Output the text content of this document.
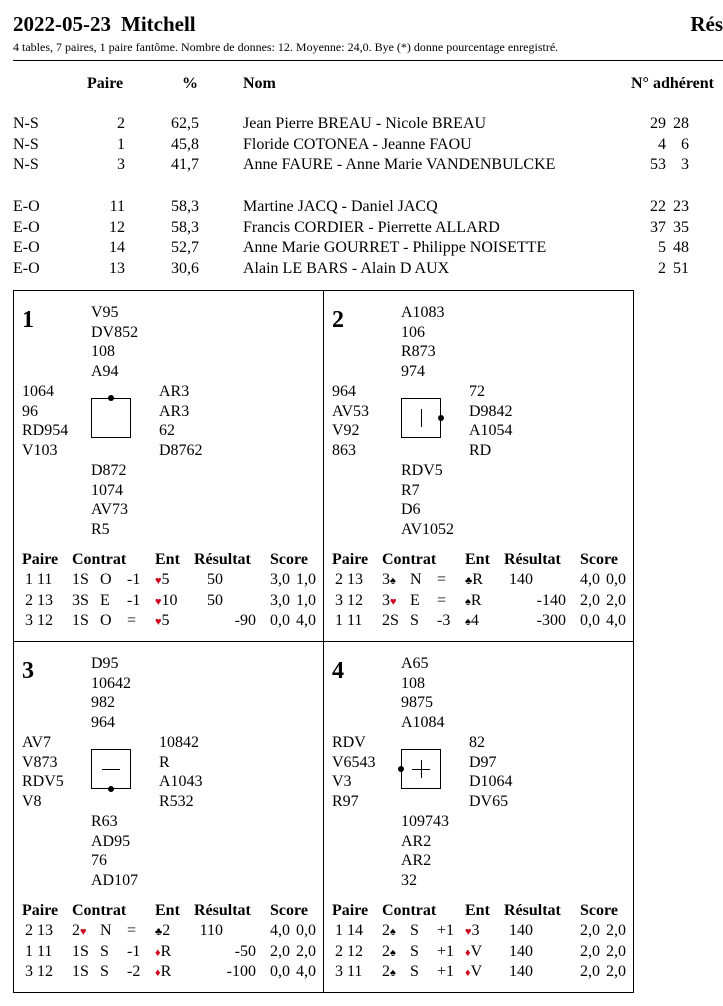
2022-05-23 Mitchell	Rés
4 tables, 7 paires, 1 paire fantôme. Nombre de donnes: 12. Moyenne: 24,0. Bye (*) donne pourcentage enregistré.
Paire	%	Nom	N° adhérent
N-S	2	62,5	Jean Pierre BREAU - Nicole BREAU	29 28
N-S	1	45,8	Floride COTONEA - Jeanne FAOU	4 6
N-S	3	41,7	Anne FAURE - Anne Marie VANDENBULCKE	53 3
E-O	11	58,3	Martine JACQ - Daniel JACQ	22 23
E-O	12	58,3	Francis CORDIER - Pierrette ALLARD	37 35
E-O	14	52,7	Anne Marie GOURRET - Philippe NOISETTE	5 48
E-O	13	30,6	Alain LE BARS - Alain D AUX	2 51
1	V95
DV852
108
A94
1064
96
RD954
V103
AR3
AR3
62
D8762
D872
1074
AV73
R5
Paire Contrat Ent Résultat Score
1 11 1S O -1 ♥5 50	3,0 1,0
2 13 3S E -1 ♥10 50	3,0 1,0
3 12 1S O = ♥5	-90 0,0 4,0
2	A1083
106
R873
974
964
AV53
V92
863
72
D9842
A1054
RD
RDV5
R7
D6
AV1052
Paire Contrat Ent Résultat Score
2 13 3♠ N = ♣R 140	4,0 0,0
3 12 3♥ E = ♠R	-140 2,0 2,0
1 11 2S S -3 ♠4	-300 0,0 4,0
3	D95
10642
982
964
AV7
V873
RDV5
V8
10842
R
A1043
R532
R63
AD95
76
AD107
Paire Contrat Ent Résultat Score
2 13 2♥ N = ♣2 110	4,0 0,0
1 11 1S S -1 ♦R	-50 2,0 2,0
3 12 1S S -2 ♦R	-100 0,0 4,0
4	A65
108
9875
A1084
RDV
V6543
V3
R97
82
D97
D1064
DV65
109743
AR2
AR2
32
Paire Contrat Ent Résultat Score
1 14 2♠ S +1 ♥3 140	2,0 2,0
2 12 2♠ S +1 ♦V 140	2,0 2,0
3 11 2♠ S +1 ♦V 140	2,0 2,0
